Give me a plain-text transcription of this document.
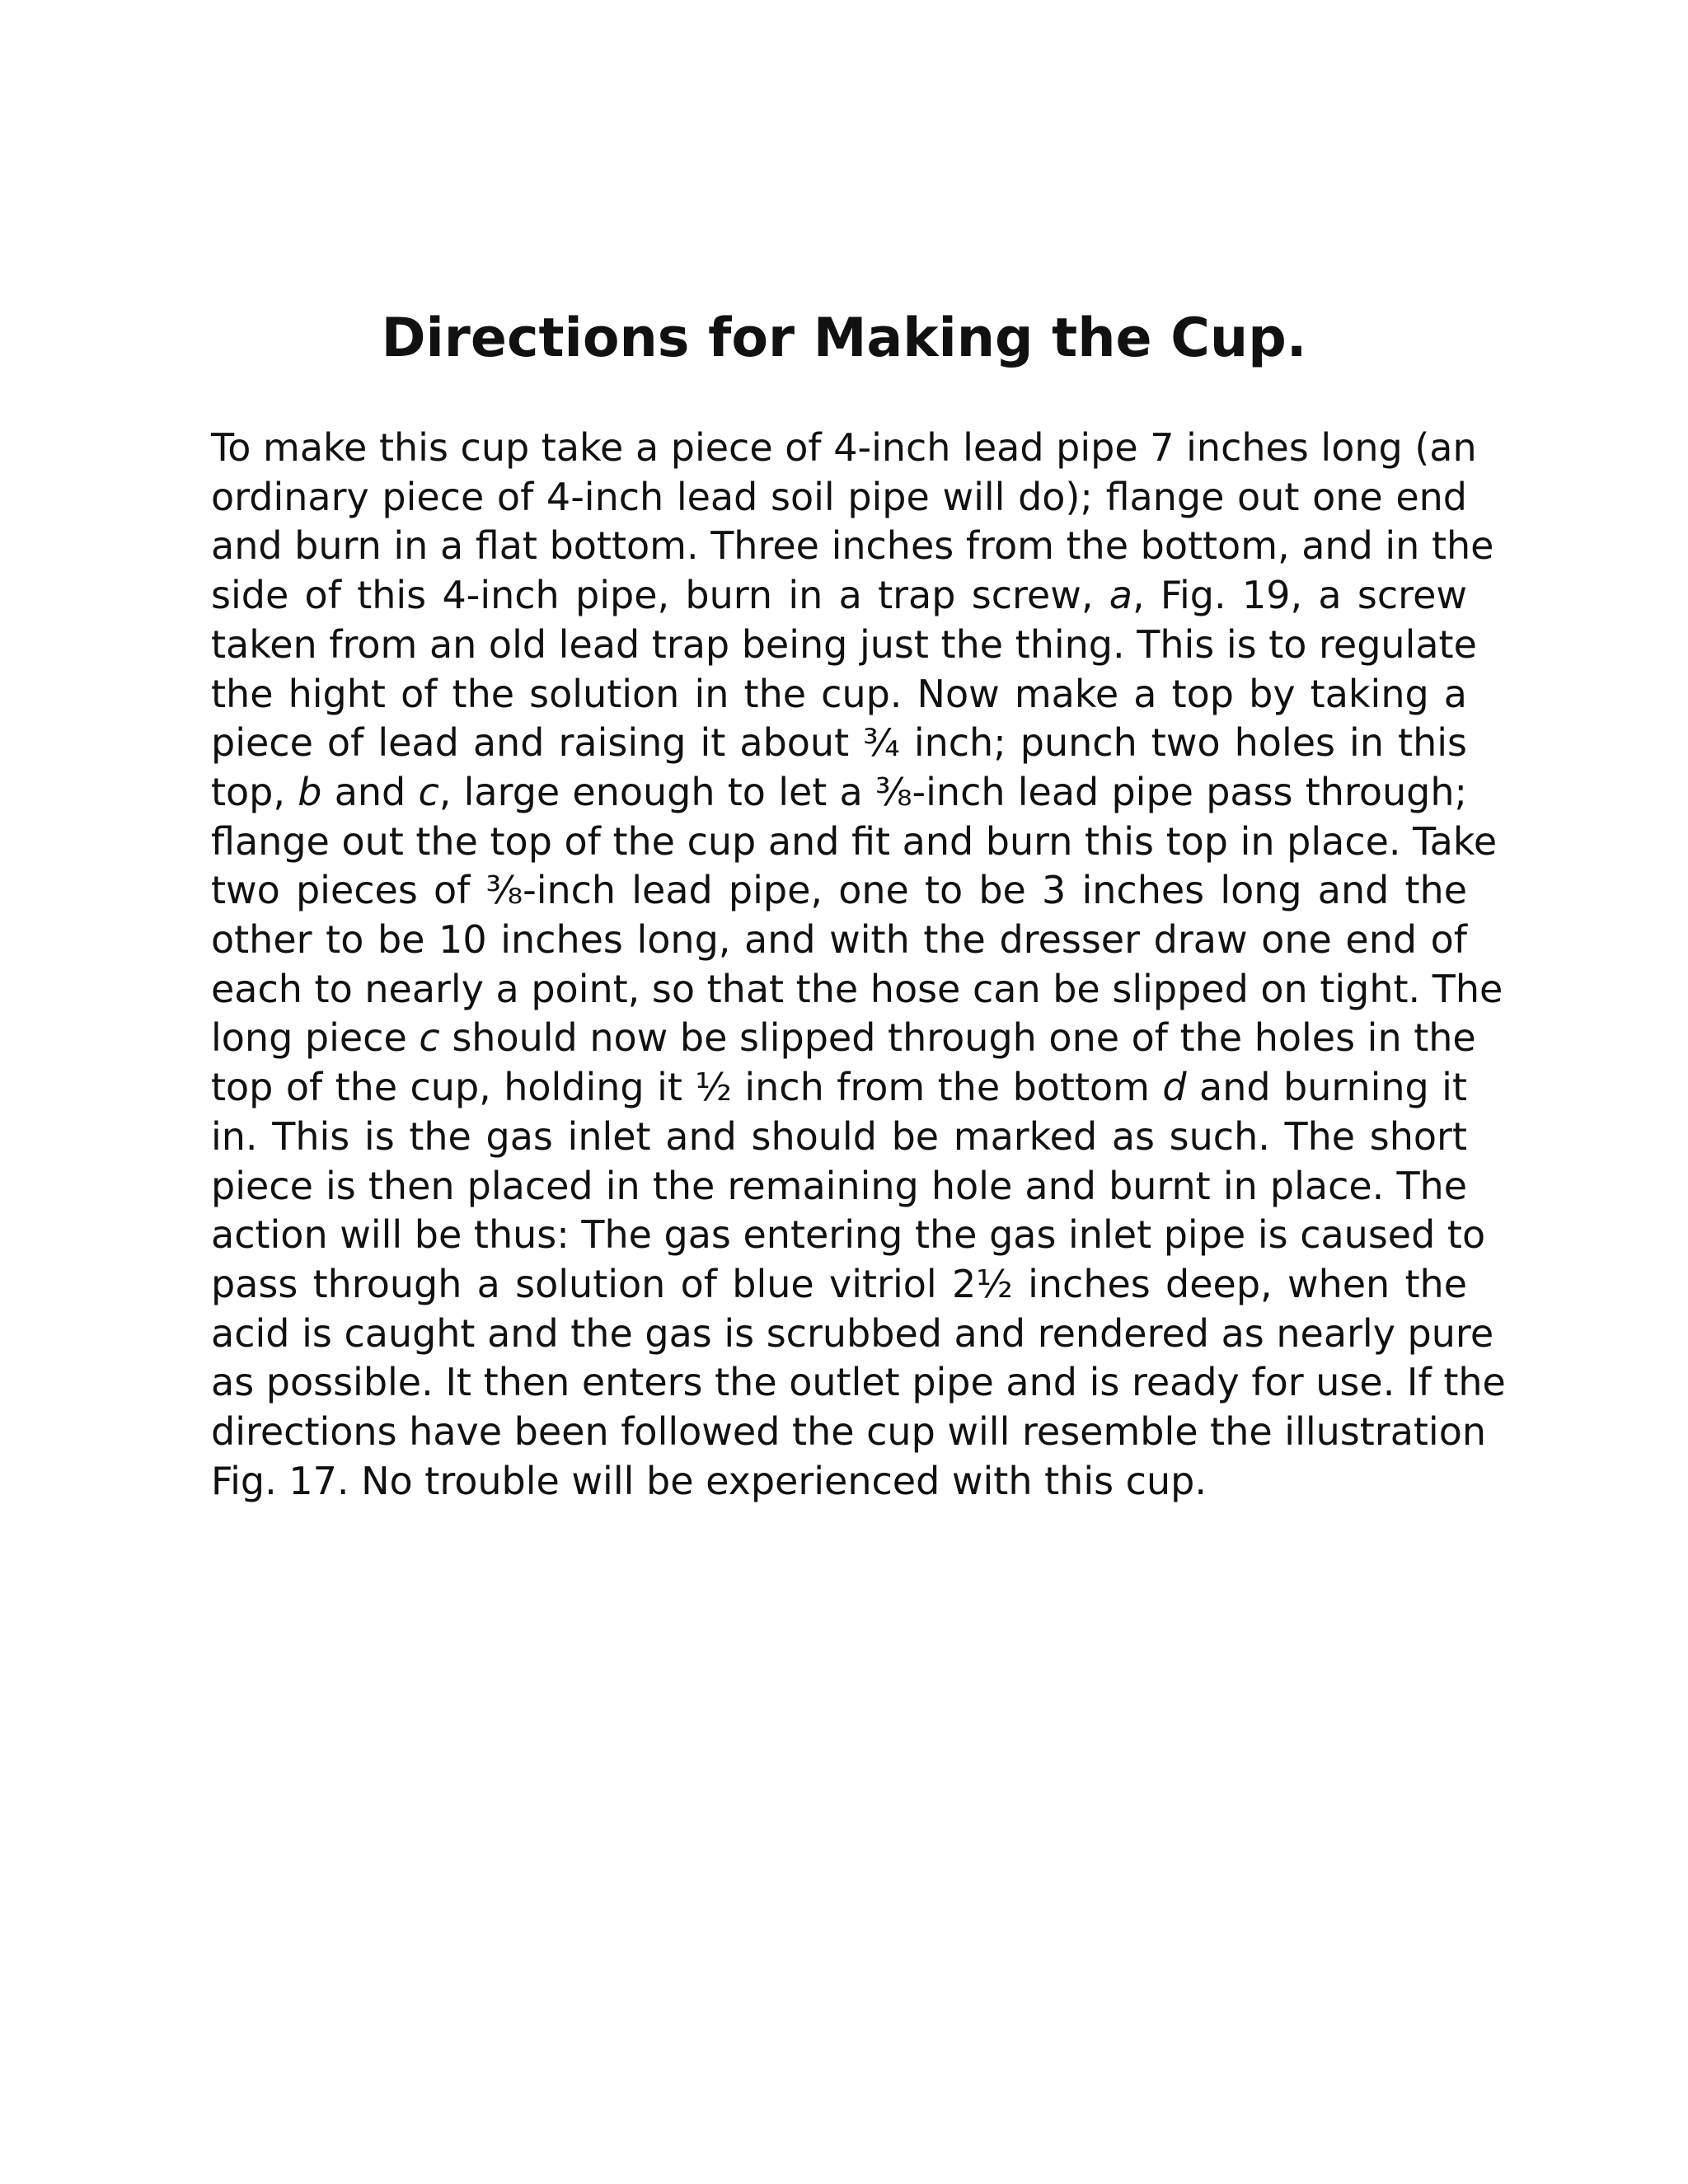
Directions for Making the Cup.
To make this cup take a piece of 4-inch lead pipe 7 inches long (an
ordinary piece of 4-inch lead soil pipe will do); flange out one end
and burn in a flat bottom. Three inches from the bottom, and in the
side of this 4-inch pipe, burn in a trap screw, a, Fig. 19, a screw
taken from an old lead trap being just the thing. This is to regulate
the hight of the solution in the cup. Now make a top by taking a
piece of lead and raising it about ¾ inch; punch two holes in this
top, b and c, large enough to let a ⅜-inch lead pipe pass through;
flange out the top of the cup and fit and burn this top in place. Take
two pieces of ⅜-inch lead pipe, one to be 3 inches long and the
other to be 10 inches long, and with the dresser draw one end of
each to nearly a point, so that the hose can be slipped on tight. The
long piece c should now be slipped through one of the holes in the
top of the cup, holding it ½ inch from the bottom d and burning it
in. This is the gas inlet and should be marked as such. The short
piece is then placed in the remaining hole and burnt in place. The
action will be thus: The gas entering the gas inlet pipe is caused to
pass through a solution of blue vitriol 2½ inches deep, when the
acid is caught and the gas is scrubbed and rendered as nearly pure
as possible. It then enters the outlet pipe and is ready for use. If the
directions have been followed the cup will resemble the illustration
Fig. 17. No trouble will be experienced with this cup.
